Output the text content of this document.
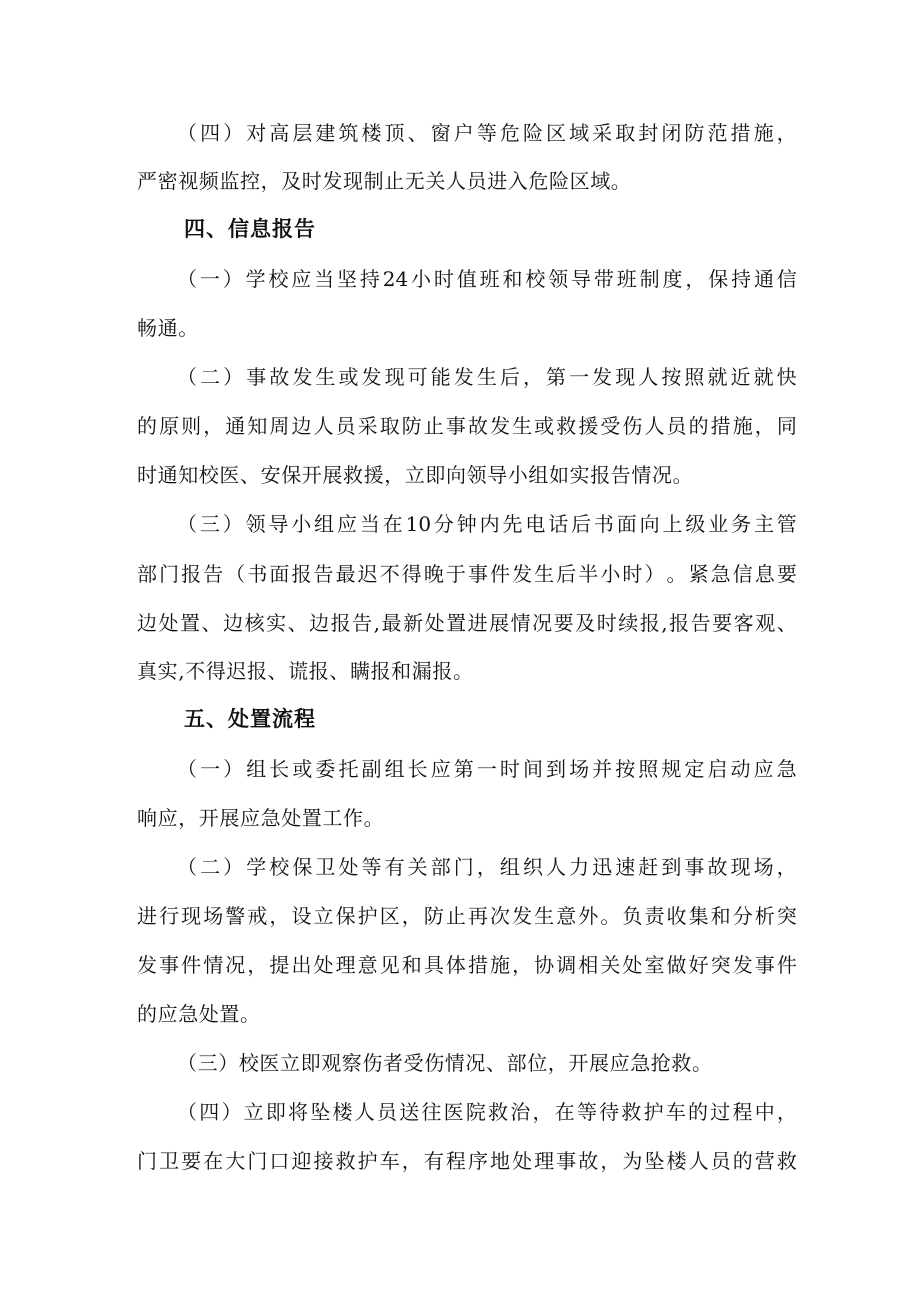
（ 四 ） 对 高 层 建 筑 楼 顶 、 窗 户 等 危 险 区 域 采 取 封 闭 防 范 措 施 ，
严密视频监控，及时发现制止无关人员进入危险区域。
四、信息报告
（ 一 ） 学 校 应 当 坚 持 24 小 时 值 班 和 校 领 导 带 班 制 度 ， 保 持 通 信
畅通。
（ 二 ） 事 故 发 生 或 发 现 可 能 发 生 后 ， 第 一 发 现 人 按 照 就 近 就 快
的 原 则 ， 通 知 周 边 人 员 采 取 防 止 事 故 发 生 或 救 援 受 伤 人 员 的 措 施 ， 同
时通知校医、安保开展救援，立即向领导小组如实报告情况。
（ 三 ） 领 导 小 组 应 当 在 10 分 钟 内 先 电 话 后 书 面 向 上 级 业 务 主 管
部 门 报 告 （ 书 面 报 告 最 迟 不 得 晚 于 事 件 发 生 后 半 小 时 ） 。 紧 急 信 息 要
边 处 置 、 边 核 实 、 边 报 告 , 最 新 处 置 进 展 情 况 要 及 时 续 报 , 报 告 要 客 观 、
真实,不得迟报、谎报、瞒报和漏报。
五、处置流程
（ 一 ） 组 长 或 委 托 副 组 长 应 第 一 时 间 到 场 并 按 照 规 定 启 动 应 急
响应，开展应急处置工作。
（ 二 ） 学 校 保 卫 处 等 有 关 部 门 ， 组 织 人 力 迅 速 赶 到 事 故 现 场 ，
进 行 现 场 警 戒 ， 设 立 保 护 区 ， 防 止 再 次 发 生 意 外 。 负 责 收 集 和 分 析 突
发 事 件 情 况 ， 提 出 处 理 意 见 和 具 体 措 施 ， 协 调 相 关 处 室 做 好 突 发 事 件
的应急处置。
（三）校医立即观察伤者受伤情况、部位，开展应急抢救。
（ 四 ） 立 即 将 坠 楼 人 员 送 往 医 院 救 治 ， 在 等 待 救 护 车 的 过 程 中 ，
门 卫 要 在 大 门 口 迎 接 救 护 车 ， 有 程 序 地 处 理 事 故 ， 为 坠 楼 人 员 的 营 救
